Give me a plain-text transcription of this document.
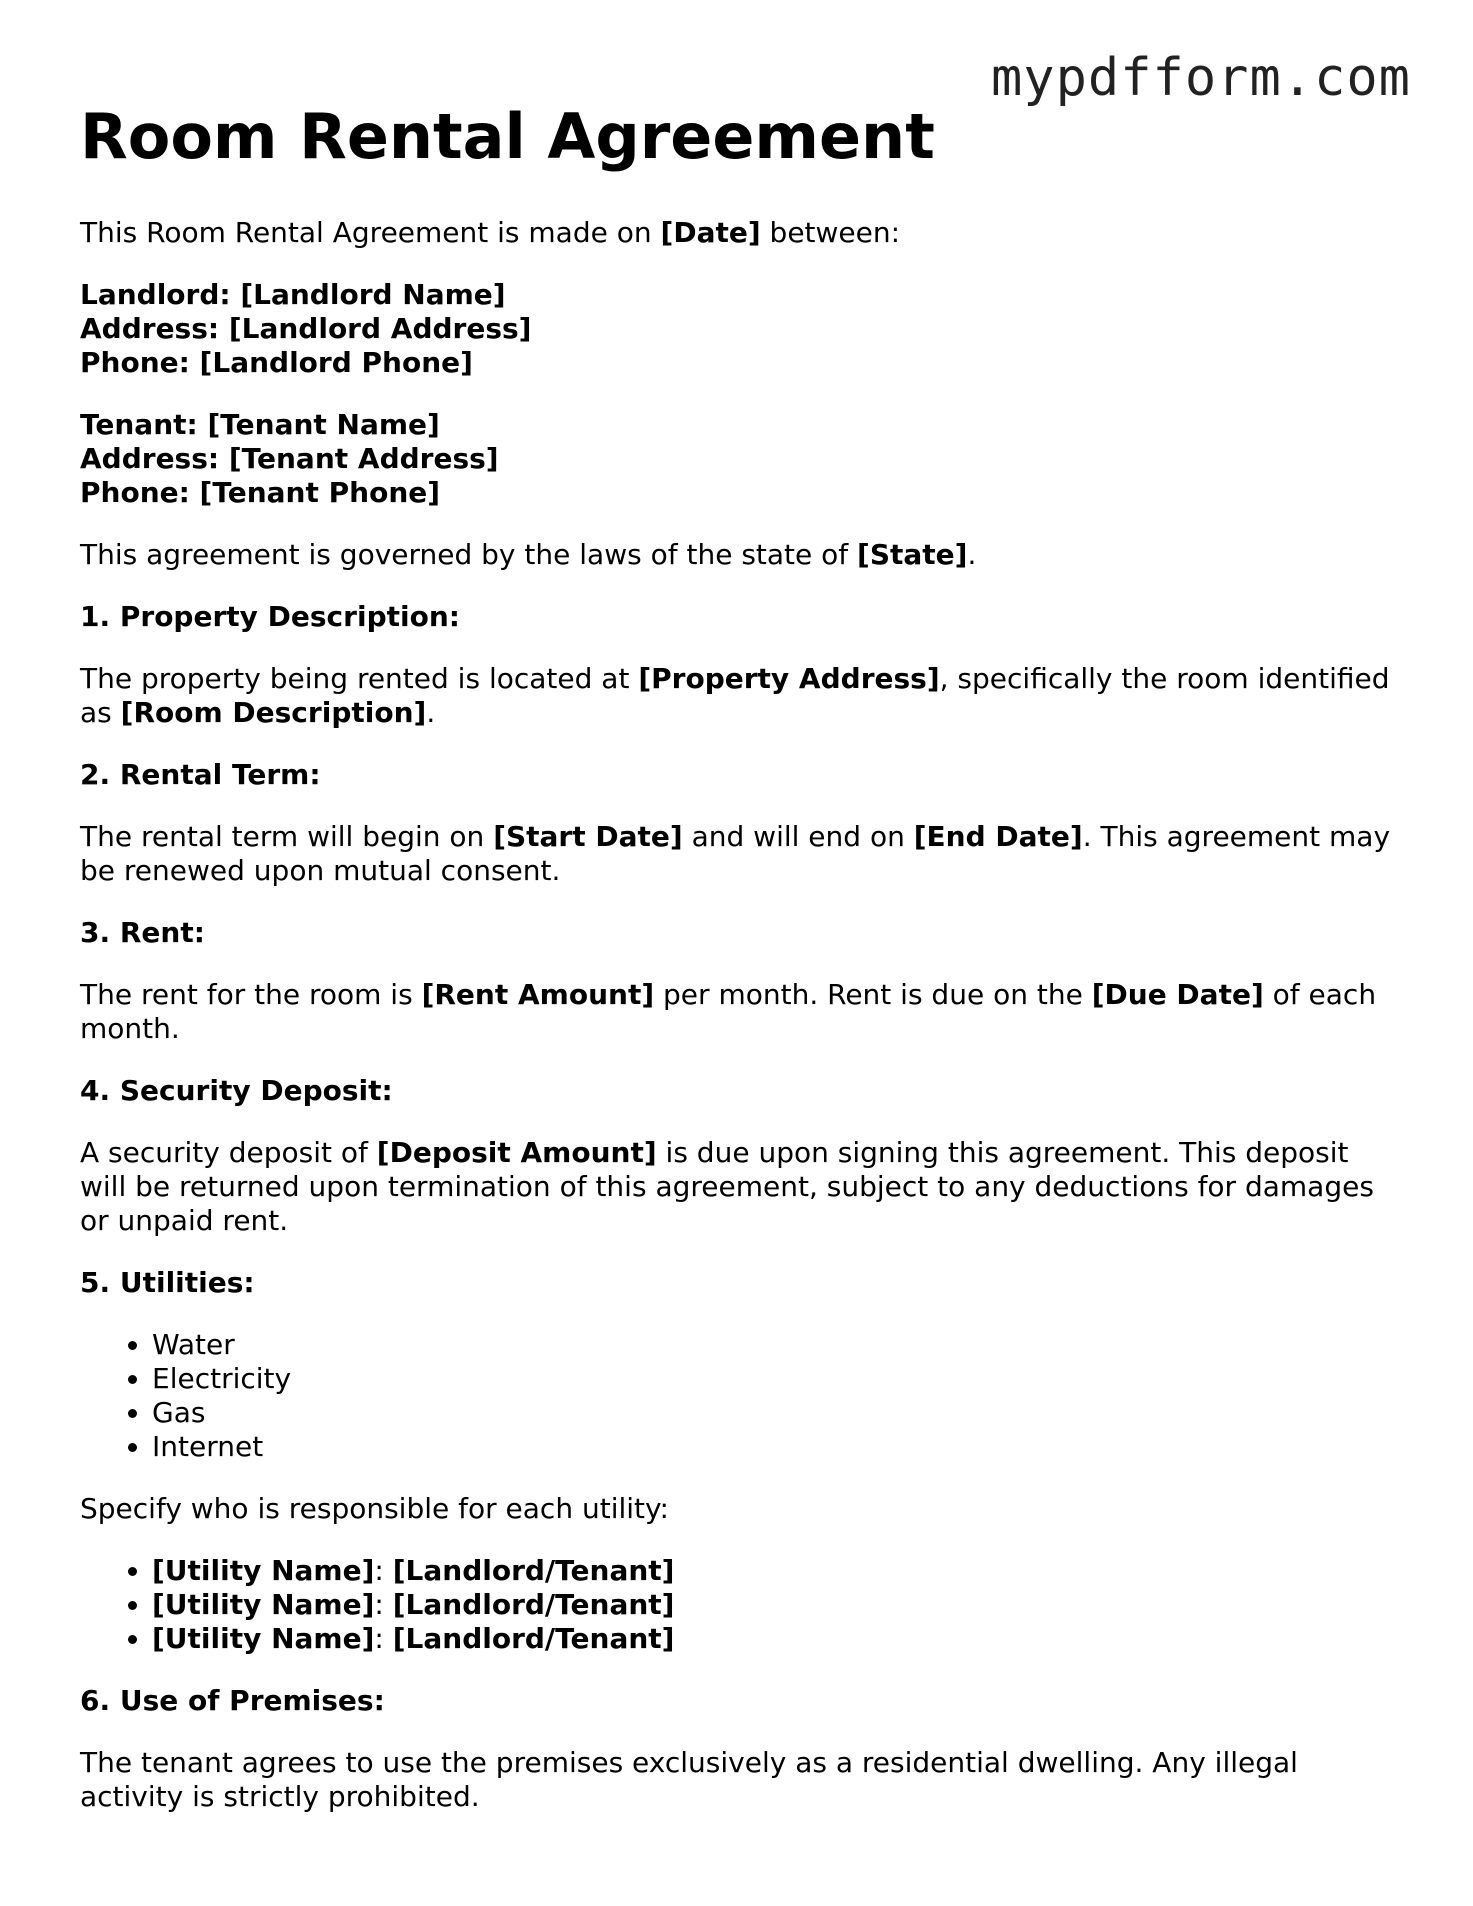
mypdfform.com
Room Rental Agreement

This Room Rental Agreement is made on [Date] between:

Landlord: [Landlord Name]
Address: [Landlord Address]
Phone: [Landlord Phone]
Tenant: [Tenant Name]
Address: [Tenant Address]
Phone: [Tenant Phone]

This agreement is governed by the laws of the state of [State].

1. Property Description:

The property being rented is located at [Property Address], specifically the room identified as [Room Description].

2. Rental Term:

The rental term will begin on [Start Date] and will end on [End Date]. This agreement may be renewed upon mutual consent.

3. Rent:

The rent for the room is [Rent Amount] per month. Rent is due on the [Due Date] of each month.

4. Security Deposit:

A security deposit of [Deposit Amount] is due upon signing this agreement. This deposit will be returned upon termination of this agreement, subject to any deductions for damages or unpaid rent.

5. Utilities:
• Water
• Electricity
• Gas
• Internet

Specify who is responsible for each utility:

• [Utility Name]: [Landlord/Tenant]
• [Utility Name]: [Landlord/Tenant]
• [Utility Name]: [Landlord/Tenant]
6. Use of Premises:

The tenant agrees to use the premises exclusively as a residential dwelling. Any illegal activity is strictly prohibited.
